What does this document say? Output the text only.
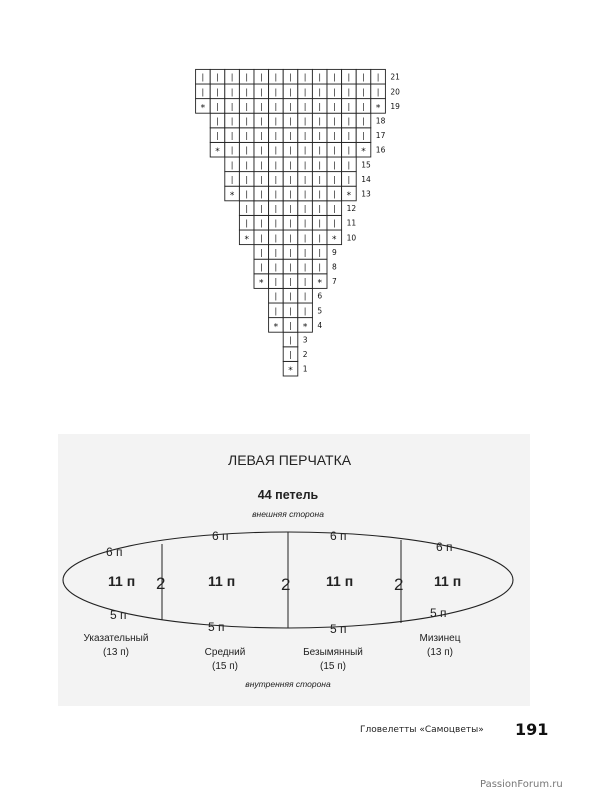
* 1
| 2
| 3
* | * 4
| | | 5
| | | 6
* | | | * 7
| | | | | 8
| | | | | 9
* | | | | | * 10
| | | | | | | 11
| | | | | | | 12
* | | | | | | | * 13
| | | | | | | | | 14
| | | | | | | | | 15
* | | | | | | | | | * 16
| | | | | | | | | | | 17
| | | | | | | | | | | 18
* | | | | | | | | | | | * 19
| | | | | | | | | | | | | 20
| | | | | | | | | | | | | 21
ЛЕВАЯ ПЕРЧАТКА
44 петель
внешняя сторона
6 п
6 п	6 п
6 п
11 п	11 п	11 п	11 п
2	2	2
5 п
5 п	5 п
5 п
Указательный
(13 п)	Средний
(15 п)
Безымянный
(15 п)
Мизинец
(13 п)
внутренняя сторона
Гловелетты «Самоцветы» 191
PassionForum.ru
